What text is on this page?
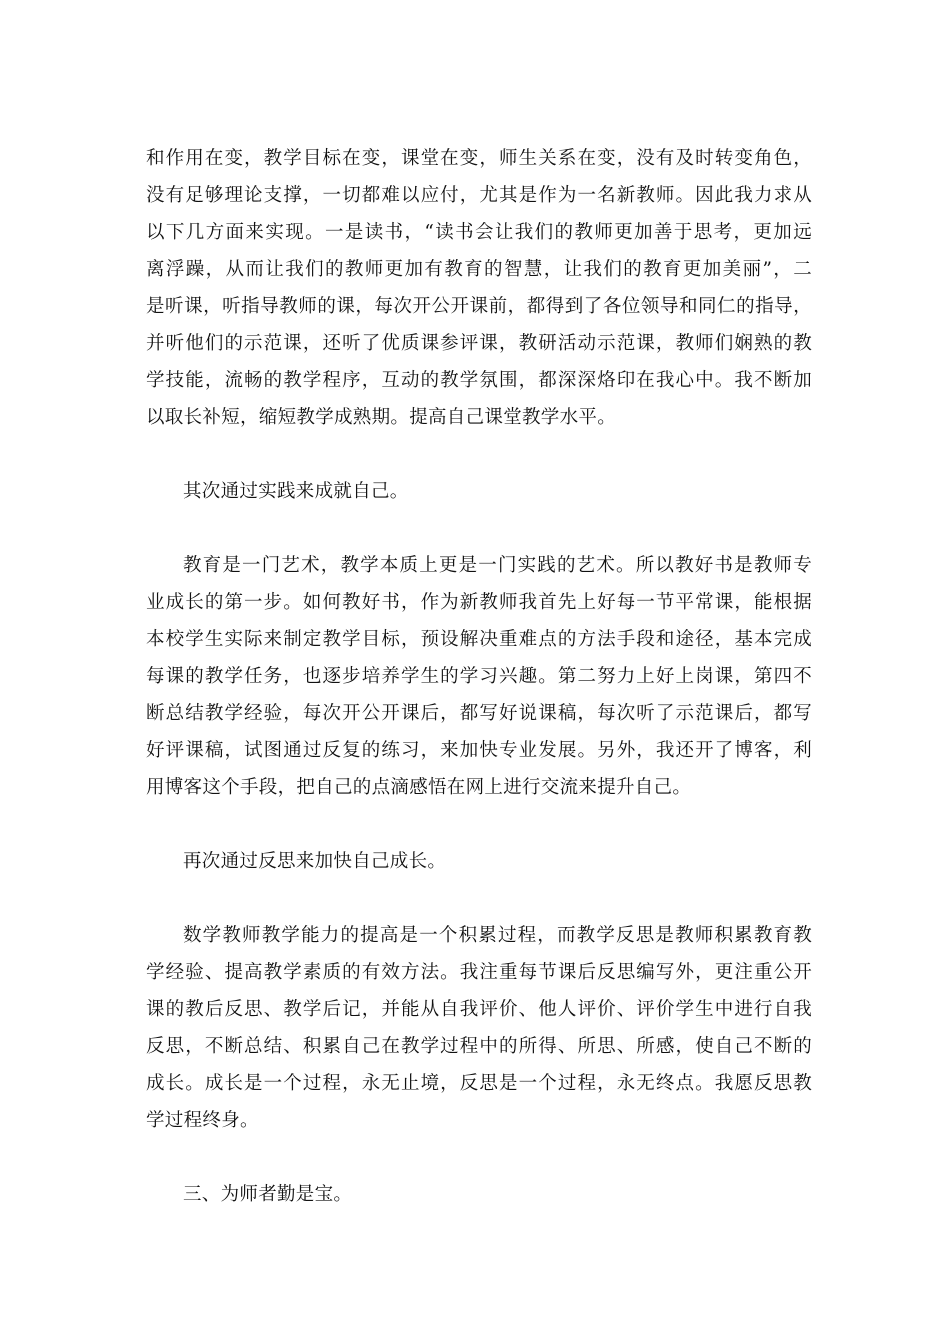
和作用在变，教学目标在变，课堂在变，师生关系在变，没有及时转变角色，
没有足够理论支撑，一切都难以应付，尤其是作为一名新教师。因此我力求从
以下几方面来实现。一是读书，“读书会让我们的教师更加善于思考，更加远
离浮躁，从而让我们的教师更加有教育的智慧，让我们的教育更加美丽”，二
是听课，听指导教师的课，每次开公开课前，都得到了各位领导和同仁的指导，
并听他们的示范课，还听了优质课参评课，教研活动示范课，教师们娴熟的教
学技能，流畅的教学程序，互动的教学氛围，都深深烙印在我心中。我不断加
以取长补短，缩短教学成熟期。提高自己课堂教学水平。
其次通过实践来成就自己。
教育是一门艺术，教学本质上更是一门实践的艺术。所以教好书是教师专
业成长的第一步。如何教好书，作为新教师我首先上好每一节平常课，能根据
本校学生实际来制定教学目标，预设解决重难点的方法手段和途径，基本完成
每课的教学任务，也逐步培养学生的学习兴趣。第二努力上好上岗课，第四不
断总结教学经验，每次开公开课后，都写好说课稿，每次听了示范课后，都写
好评课稿，试图通过反复的练习，来加快专业发展。另外，我还开了博客，利
用博客这个手段，把自己的点滴感悟在网上进行交流来提升自己。
再次通过反思来加快自己成长。
数学教师教学能力的提高是一个积累过程，而教学反思是教师积累教育教
学经验、提高教学素质的有效方法。我注重每节课后反思编写外，更注重公开
课的教后反思、教学后记，并能从自我评价、他人评价、评价学生中进行自我
反思，不断总结、积累自己在教学过程中的所得、所思、所感，使自己不断的
成长。成长是一个过程，永无止境，反思是一个过程，永无终点。我愿反思教
学过程终身。
三、为师者勤是宝。
